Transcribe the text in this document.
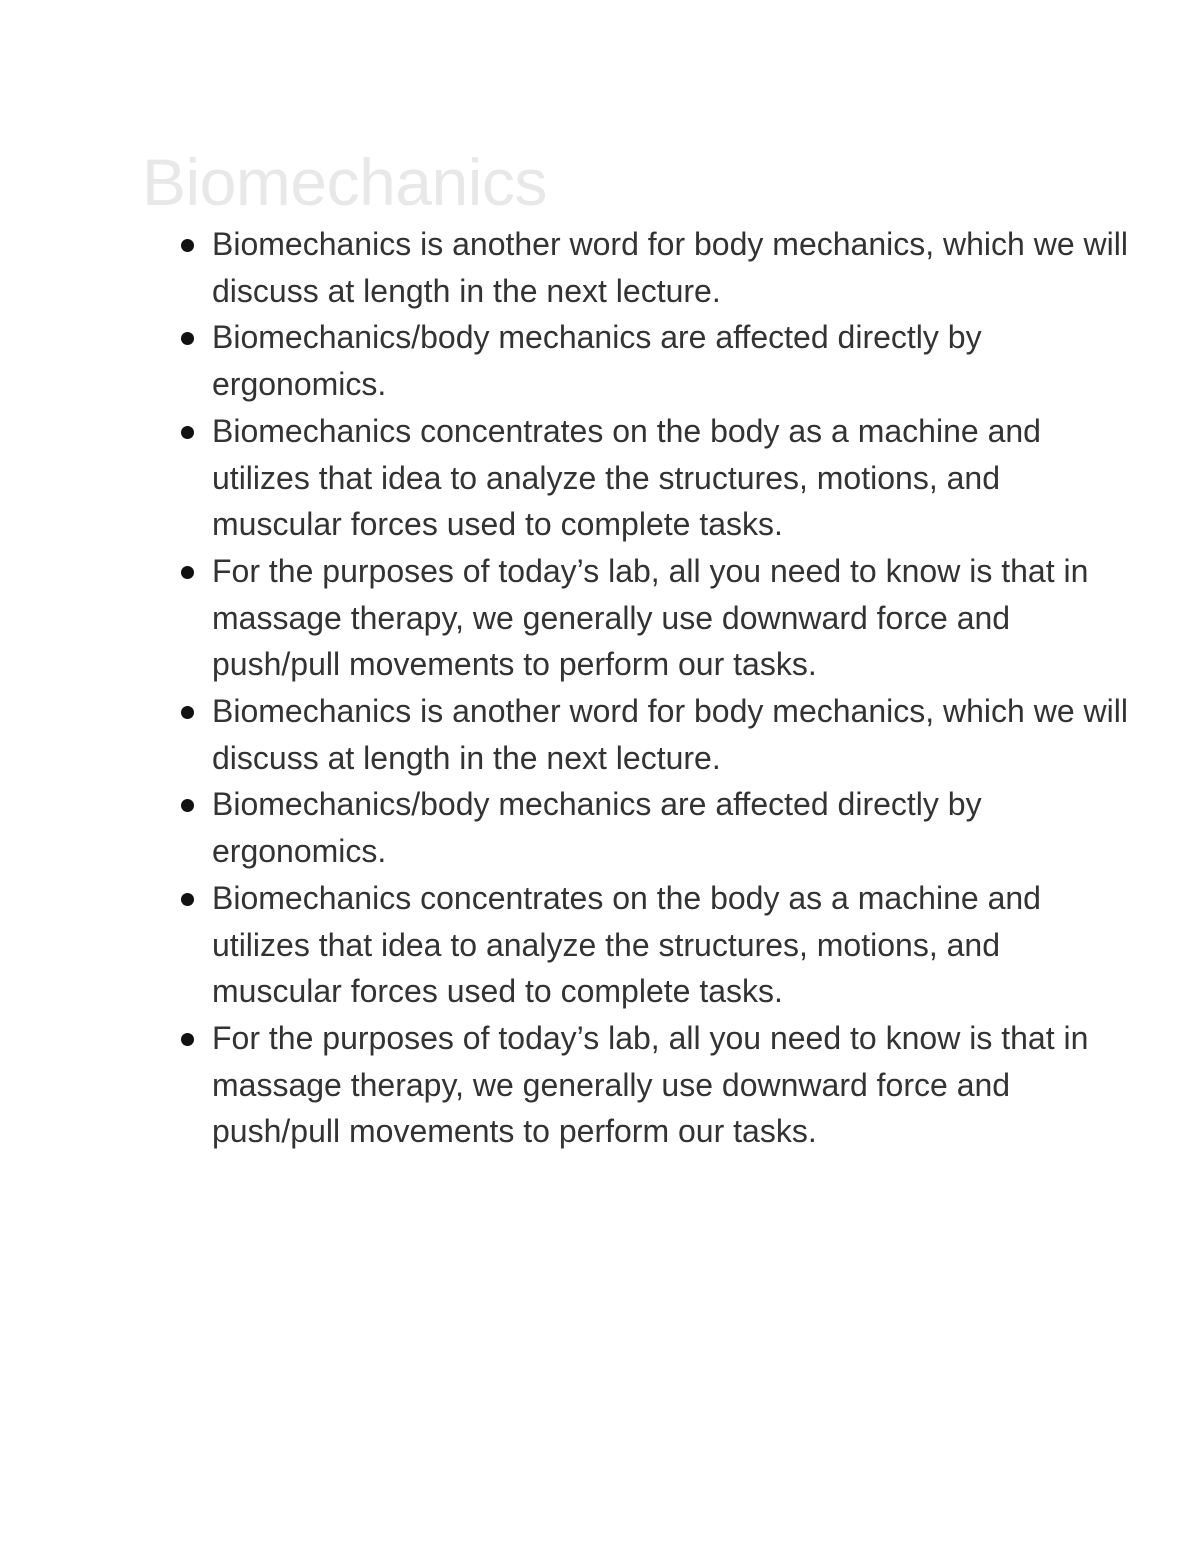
Biomechanics
Biomechanics is another word for body mechanics, which we will discuss at length in the next lecture.
Biomechanics/body mechanics are affected directly by ergonomics.
Biomechanics concentrates on the body as a machine and utilizes that idea to analyze the structures, motions, and muscular forces used to complete tasks.
For the purposes of today’s lab, all you need to know is that in massage therapy, we generally use downward force and push/pull movements to perform our tasks.
Biomechanics is another word for body mechanics, which we will discuss at length in the next lecture.
Biomechanics/body mechanics are affected directly by ergonomics.
Biomechanics concentrates on the body as a machine and utilizes that idea to analyze the structures, motions, and muscular forces used to complete tasks.
For the purposes of today’s lab, all you need to know is that in massage therapy, we generally use downward force and push/pull movements to perform our tasks.
